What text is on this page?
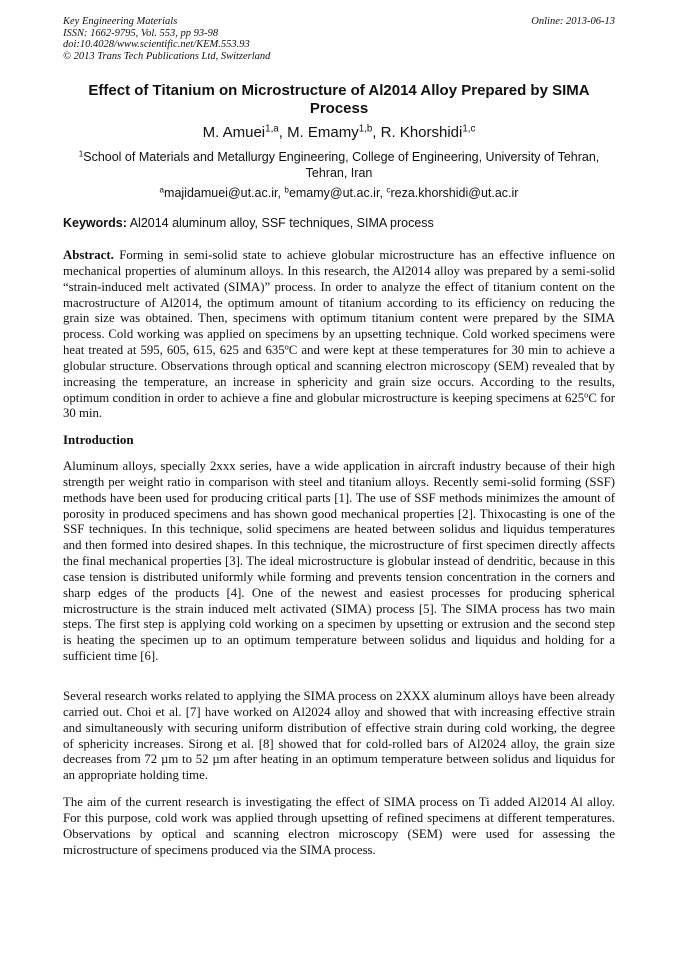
Key Engineering Materials
ISSN: 1662-9795, Vol. 553, pp 93-98
doi:10.4028/www.scientific.net/KEM.553.93
© 2013 Trans Tech Publications Ltd, Switzerland
Online: 2013-06-13
Effect of Titanium on Microstructure of Al2014 Alloy Prepared by SIMA Process
M. Amuei$^{1,a}$, M. Emamy$^{1,b}$, R. Khorshidi$^{1,c}$
$^1$School of Materials and Metallurgy Engineering, College of Engineering, University of Tehran, Tehran, Iran
$^a$majidamuei@ut.ac.ir, $^b$emamy@ut.ac.ir, $^c$reza.khorshidi@ut.ac.ir
Keywords: Al2014 aluminum alloy, SSF techniques, SIMA process
Abstract. Forming in semi-solid state to achieve globular microstructure has an effective influence on mechanical properties of aluminum alloys. In this research, the Al2014 alloy was prepared by a semi-solid “strain-induced melt activated (SIMA)” process. In order to analyze the effect of titanium content on the macrostructure of Al2014, the optimum amount of titanium according to its efficiency on reducing the grain size was obtained. Then, specimens with optimum titanium content were prepared by the SIMA process. Cold working was applied on specimens by an upsetting technique. Cold worked specimens were heat treated at 595, 605, 615, 625 and 635$^o$C and were kept at these temperatures for 30 min to achieve a globular structure. Observations through optical and scanning electron microscopy (SEM) revealed that by increasing the temperature, an increase in sphericity and grain size occurs. According to the results, optimum condition in order to achieve a fine and globular microstructure is keeping specimens at 625$^o$C for 30 min.
Introduction
Aluminum alloys, specially 2xxx series, have a wide application in aircraft industry because of their high strength per weight ratio in comparison with steel and titanium alloys. Recently semi-solid forming (SSF) methods have been used for producing critical parts [1]. The use of SSF methods minimizes the amount of porosity in produced specimens and has shown good mechanical properties [2]. Thixocasting is one of the SSF techniques. In this technique, solid specimens are heated between solidus and liquidus temperatures and then formed into desired shapes. In this technique, the microstructure of first specimen directly affects the final mechanical properties [3]. The ideal microstructure is globular instead of dendritic, because in this case tension is distributed uniformly while forming and prevents tension concentration in the corners and sharp edges of the products [4]. One of the newest and easiest processes for producing spherical microstructure is the strain induced melt activated (SIMA) process [5]. The SIMA process has two main steps. The first step is applying cold working on a specimen by upsetting or extrusion and the second step is heating the specimen up to an optimum temperature between solidus and liquidus and holding for a sufficient time [6].
Several research works related to applying the SIMA process on 2XXX aluminum alloys have been already carried out. Choi et al. [7] have worked on Al2024 alloy and showed that with increasing effective strain and simultaneously with securing uniform distribution of effective strain during cold working, the degree of sphericity increases. Sirong et al. [8] showed that for cold-rolled bars of Al2024 alloy, the grain size decreases from 72 µm to 52 µm after heating in an optimum temperature between solidus and liquidus for an appropriate holding time.
The aim of the current research is investigating the effect of SIMA process on Ti added Al2014 Al alloy. For this purpose, cold work was applied through upsetting of refined specimens at different temperatures. Observations by optical and scanning electron microscopy (SEM) were used for assessing the microstructure of specimens produced via the SIMA process.
